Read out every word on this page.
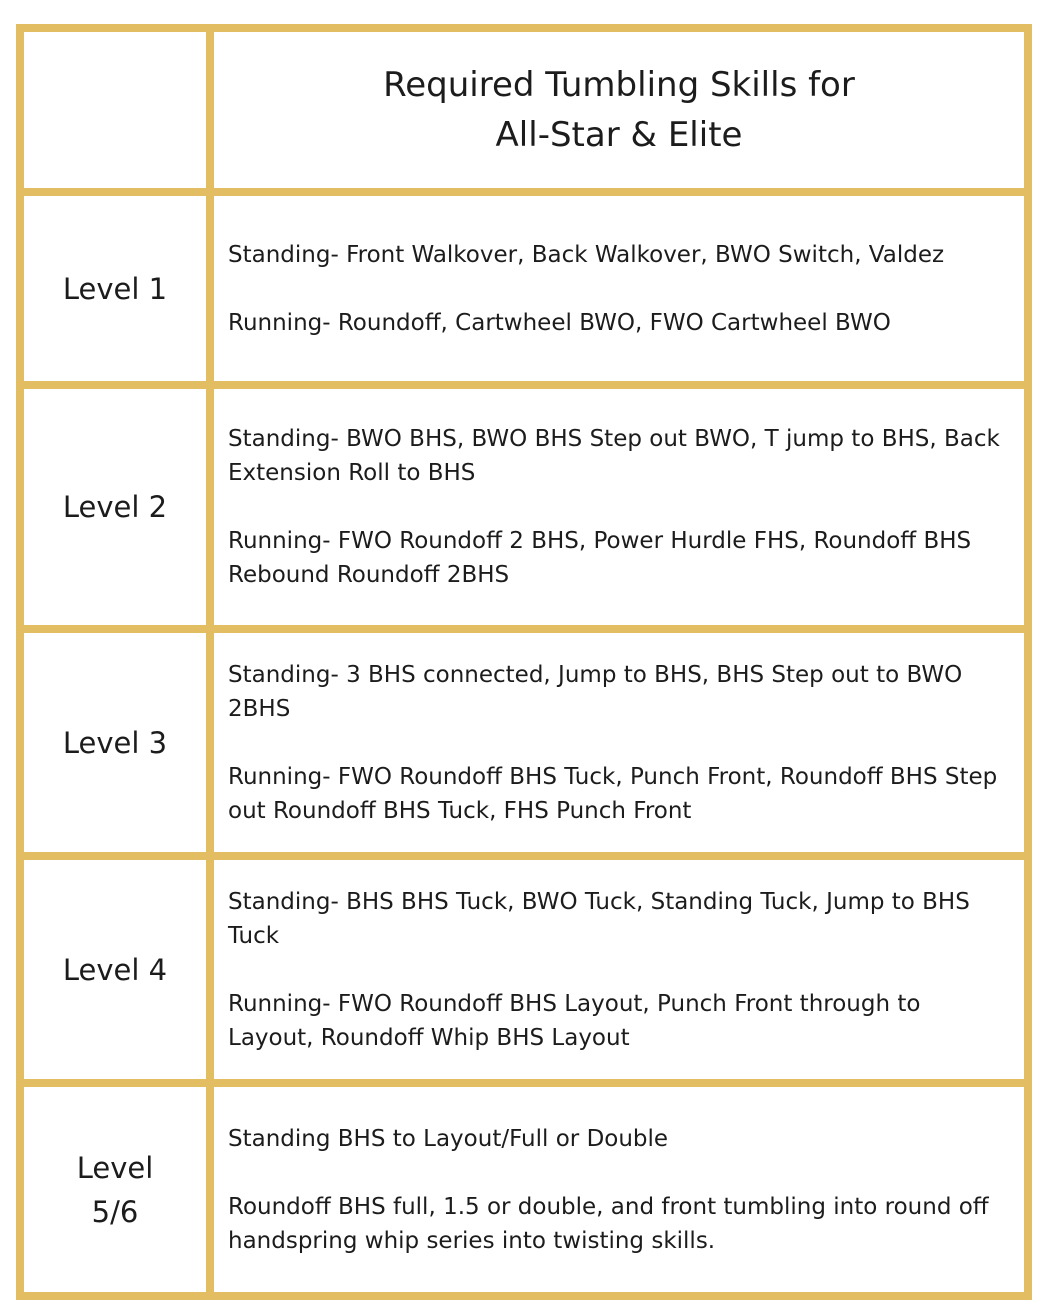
Required Tumbling Skills for
All-Star & Elite
Level 1

Standing- Front Walkover, Back Walkover, BWO Switch, Valdez

Running- Roundoff, Cartwheel BWO, FWO Cartwheel BWO

Level 2

Standing- BWO BHS, BWO BHS Step out BWO, T jump to BHS, Back Extension Roll to BHS

Running- FWO Roundoff 2 BHS, Power Hurdle FHS, Roundoff BHS Rebound Roundoff 2BHS

Level 3

Standing- 3 BHS connected, Jump to BHS, BHS Step out to BWO 2BHS

Running- FWO Roundoff BHS Tuck, Punch Front, Roundoff BHS Step out Roundoff BHS Tuck, FHS Punch Front

Level 4

Standing- BHS BHS Tuck, BWO Tuck, Standing Tuck, Jump to BHS Tuck

Running- FWO Roundoff BHS Layout, Punch Front through to Layout, Roundoff Whip BHS Layout

Level
5/6

Standing BHS to Layout/Full or Double

Roundoff BHS full, 1.5 or double, and front tumbling into round off handspring whip series into twisting skills.
